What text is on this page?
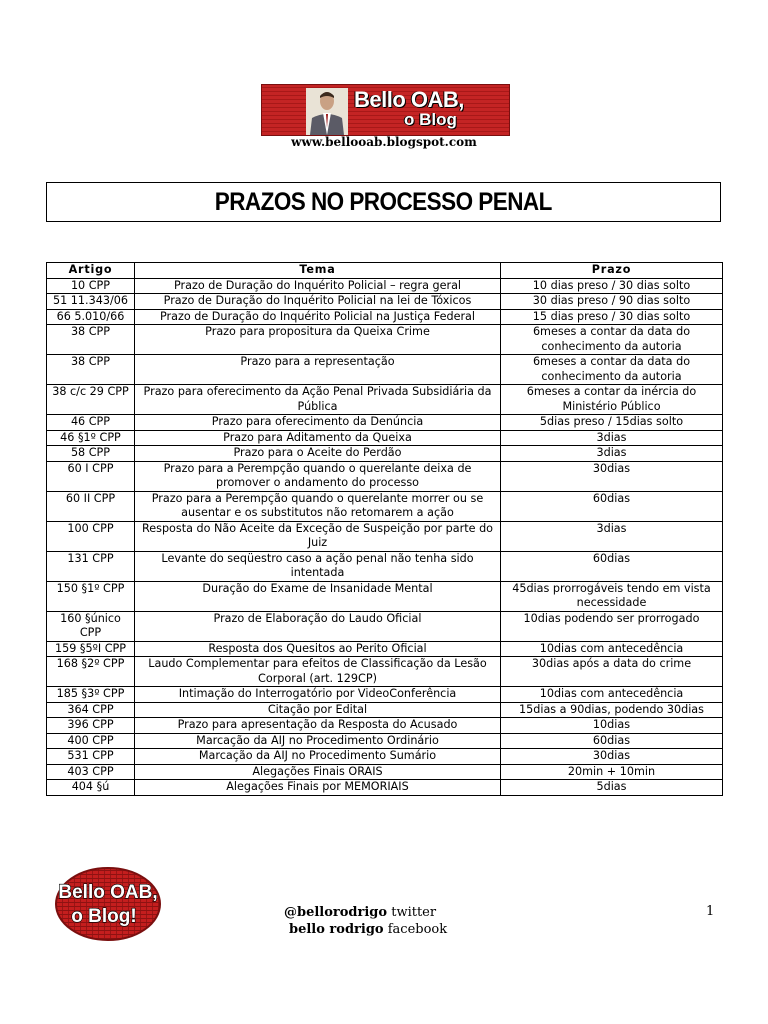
Bello OAB,
o Blog
www.bellooab.blogspot.com
PRAZOS NO PROCESSO PENAL
Artigo	Tema	Prazo
10 CPP	Prazo de Duração do Inquérito Policial – regra geral	10 dias preso / 30 dias solto
51 11.343/06	Prazo de Duração do Inquérito Policial na lei de Tóxicos	30 dias preso / 90 dias solto
66 5.010/66	Prazo de Duração do Inquérito Policial na Justiça Federal	15 dias preso / 30 dias solto
38 CPP	Prazo para propositura da Queixa Crime	6meses a contar da data do conhecimento da autoria
38 CPP	Prazo para a representação	6meses a contar da data do conhecimento da autoria
38 c/c 29 CPP	Prazo para oferecimento da Ação Penal Privada Subsidiária da Pública	6meses a contar da inércia do Ministério Público
46 CPP	Prazo para oferecimento da Denúncia	5dias preso / 15dias solto
46 §1º CPP	Prazo para Aditamento da Queixa	3dias
58 CPP	Prazo para o Aceite do Perdão	3dias
60 I CPP	Prazo para a Perempção quando o querelante deixa de promover o andamento do processo	30dias
60 II CPP	Prazo para a Perempção quando o querelante morrer ou se ausentar e os substitutos não retomarem a ação	60dias
100 CPP	Resposta do Não Aceite da Exceção de Suspeição por parte do Juiz	3dias
131 CPP	Levante do seqüestro caso a ação penal não tenha sido intentada	60dias
150 §1º CPP	Duração do Exame de Insanidade Mental	45dias prorrogáveis tendo em vista necessidade
160 §único CPP	Prazo de Elaboração do Laudo Oficial	10dias podendo ser prorrogado
159 §5ºI CPP	Resposta dos Quesitos ao Perito Oficial	10dias com antecedência
168 §2º CPP	Laudo Complementar para efeitos de Classificação da Lesão Corporal (art. 129CP)	30dias após a data do crime
185 §3º CPP	Intimação do Interrogatório por VideoConferência	10dias com antecedência
364 CPP	Citação por Edital	15dias a 90dias, podendo 30dias
396 CPP	Prazo para apresentação da Resposta do Acusado	10dias
400 CPP	Marcação da AIJ no Procedimento Ordinário	60dias
531 CPP	Marcação da AIJ no Procedimento Sumário	30dias
403 CPP	Alegações Finais ORAIS	20min + 10min
404 §ú	Alegações Finais por MEMORIAIS	5dias
Bello OAB,
o Blog!	@bellorodrigo twitter
bello rodrigo facebook
1
